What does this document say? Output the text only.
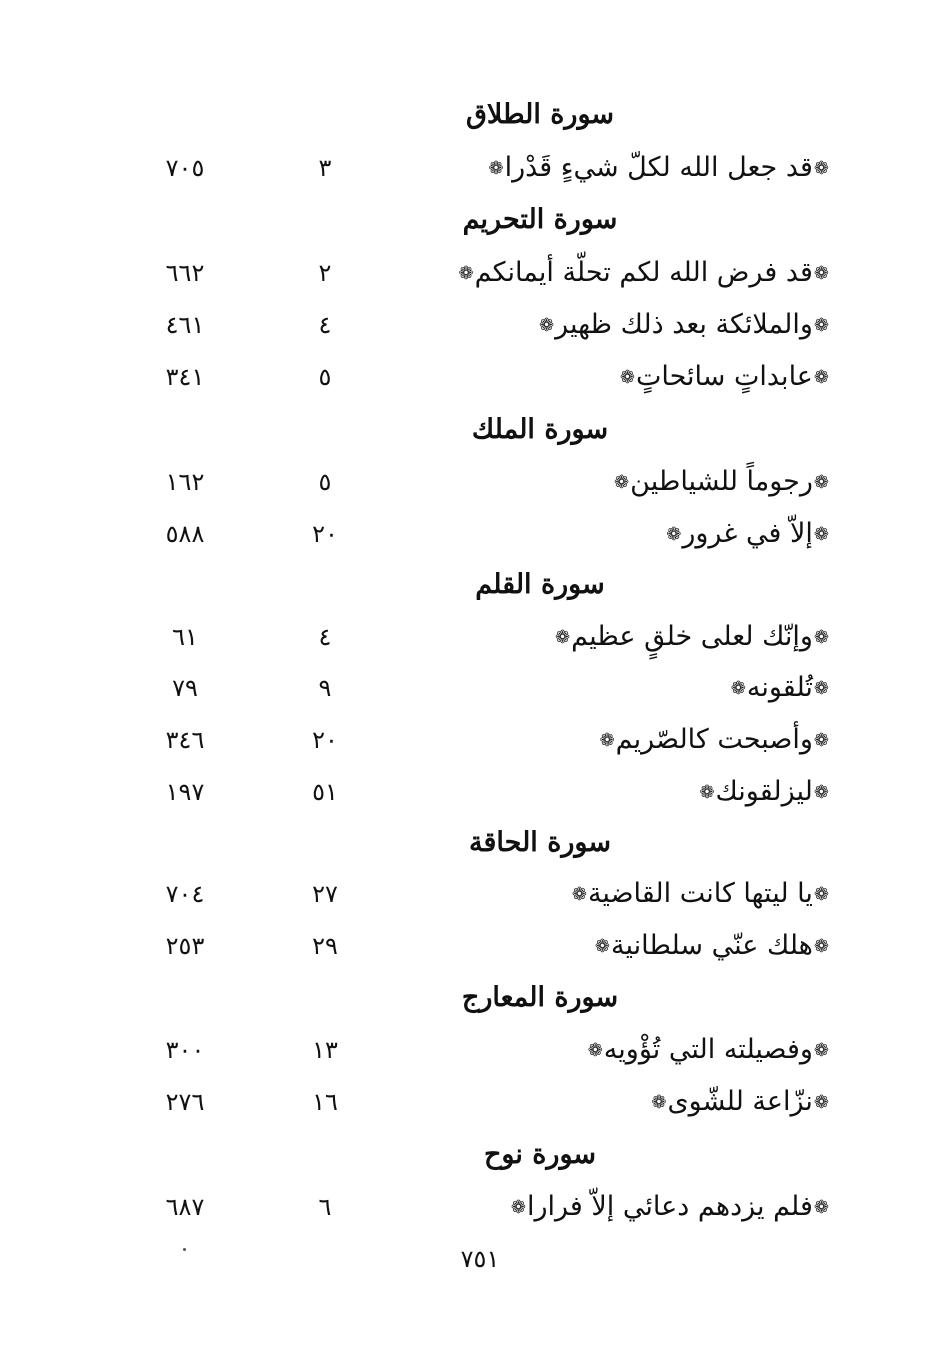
سورة الطلاق
❁قد جعل الله لكلّ شيءٍ قَدْرا❁
٣
٧٠٥
سورة التحريم
❁قد فرض الله لكم تحلّة أيمانكم❁
٢
٦٦٢
❁والملائكة بعد ذلك ظهير❁
٤
٤٦١
❁عابداتٍ سائحاتٍ❁
٥
٣٤١
سورة الملك
❁رجوماً للشياطين❁
٥
١٦٢
❁إلاّ في غرور❁
٢٠
٥٨٨
سورة القلم
❁وإنّك لعلى خلقٍ عظيم❁
٤
٦١
❁تُلقونه❁
٩
٧٩
❁وأصبحت كالصّريم❁
٢٠
٣٤٦
❁ليزلقونك❁
٥١
١٩٧
سورة الحاقة
❁يا ليتها كانت القاضية❁
٢٧
٧٠٤
❁هلك عنّي سلطانية❁
٢٩
٢٥٣
سورة المعارج
❁وفصيلته التي تُؤْويه❁
١٣
٣٠٠
❁نزّاعة للشّوى❁
١٦
٢٧٦
سورة نوح
❁فلم يزدهم دعائي إلاّ فرارا❁
٦
٦٨٧
٧٥١
